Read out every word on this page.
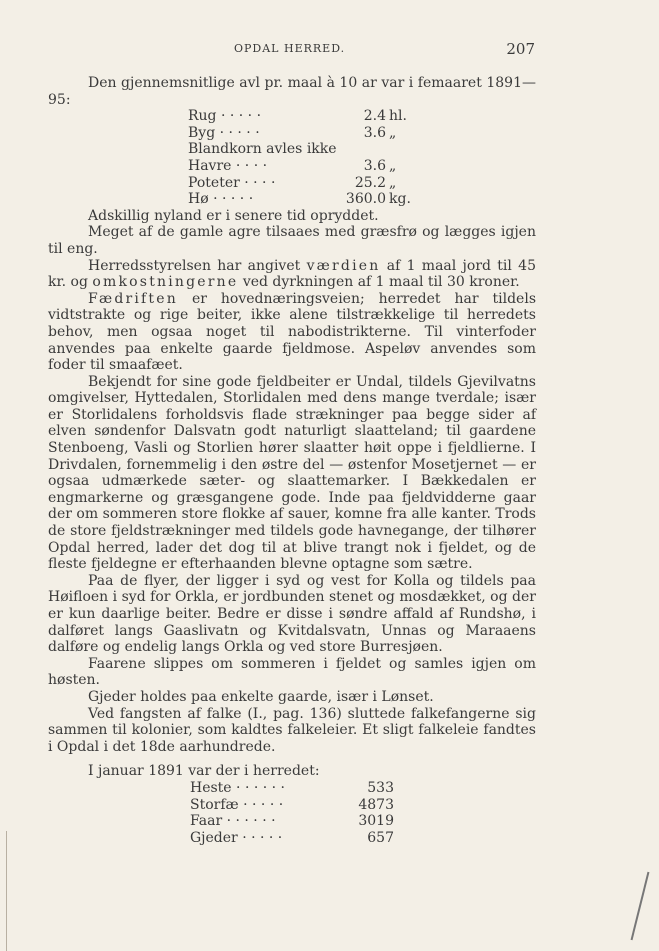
OPDAL HERRED.	207

Den gjennemsnitlige avl pr. maal à 10 ar var i femaaret 1891—95:

Rug · · · · ·	2.4 hl.
Byg · · · · ·	3.6 „
Blandkorn avles ikke
Havre · · · ·	3.6 „
Poteter · · · ·	25.2 „
Hø · · · · ·	360.0 kg.

Adskillig nyland er i senere tid opryddet.

Meget af de gamle agre tilsaaes med græsfrø og lægges igjen til eng.

Herredsstyrelsen har angivet værdien af 1 maal jord til 45 kr. og omkostningerne ved dyrkningen af 1 maal til 30 kroner.

Fædriften er hovednæringsveien; herredet har tildels vidtstrakte og rige beiter, ikke alene tilstrækkelige til herredets behov, men ogsaa noget til nabodistrikterne. Til vinterfoder anvendes paa enkelte gaarde fjeldmose. Aspeløv anvendes som foder til smaafæet.

Bekjendt for sine gode fjeldbeiter er Undal, tildels Gjevilvatns omgivelser, Hyttedalen, Storlidalen med dens mange tverdale; især er Storlidalens forholdsvis flade strækninger paa begge sider af elven søndenfor Dalsvatn godt naturligt slaatteland; til gaardene Stenboeng, Vasli og Storlien hører slaatter høit oppe i fjeldlierne. I Drivdalen, fornemmelig i den østre del — østenfor Mosetjernet — er ogsaa udmærkede sæter- og slaattemarker. I Bækkedalen er engmarkerne og græsgangene gode. Inde paa fjeldvidderne gaar der om sommeren store flokke af sauer, komne fra alle kanter. Trods de store fjeldstrækninger med tildels gode havnegange, der tilhører Opdal herred, lader det dog til at blive trangt nok i fjeldet, og de fleste fjeldegne er efterhaanden blevne optagne som sætre.

Paa de flyer, der ligger i syd og vest for Kolla og tildels paa Høifloen i syd for Orkla, er jordbunden stenet og mosdækket, og der er kun daarlige beiter. Bedre er disse i søndre affald af Rundshø, i dalføret langs Gaaslivatn og Kvitdalsvatn, Unnas og Maraaens dalføre og endelig langs Orkla og ved store Burresjøen.

Faarene slippes om sommeren i fjeldet og samles igjen om høsten.

Gjeder holdes paa enkelte gaarde, især i Lønset.

Ved fangsten af falke (I., pag. 136) sluttede falkefangerne sig sammen til kolonier, som kaldtes falkeleier. Et sligt falkeleie fandtes i Opdal i det 18de aarhundrede.

I januar 1891 var der i herredet:

Heste · · · · · ·	533
Storfæ · · · · ·	4873
Faar · · · · · ·	3019
Gjeder · · · · ·	657
